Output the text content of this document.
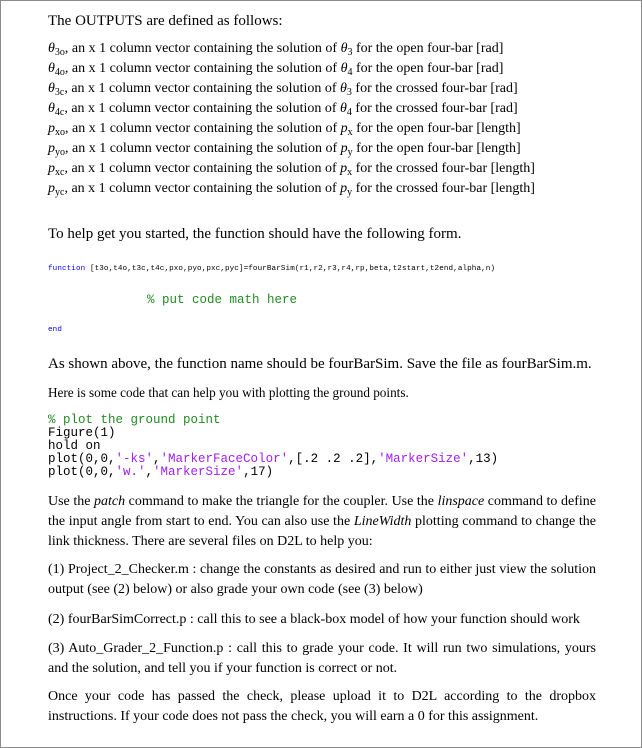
The OUTPUTS are defined as follows:
$\theta_{3o}$, an x 1 column vector containing the solution of $\theta_3$ for the open four-bar [rad]
$\theta_{4o}$, an x 1 column vector containing the solution of $\theta_4$ for the open four-bar [rad]
$\theta_{3c}$, an x 1 column vector containing the solution of $\theta_3$ for the crossed four-bar [rad]
$\theta_{4c}$, an x 1 column vector containing the solution of $\theta_4$ for the crossed four-bar [rad]
$p_{xo}$, an x 1 column vector containing the solution of $p_x$ for the open four-bar [length]
$p_{yo}$, an x 1 column vector containing the solution of $p_y$ for the open four-bar [length]
$p_{xc}$, an x 1 column vector containing the solution of $p_x$ for the crossed four-bar [length]
$p_{yc}$, an x 1 column vector containing the solution of $p_y$ for the crossed four-bar [length]
To help get you started, the function should have the following form.
function [t3o,t4o,t3c,t4c,pxo,pyo,pxc,pyc]=fourBarSim(r1,r2,r3,r4,rp,beta,t2start,t2end,alpha,n)
% put code math here
end
As shown above, the function name should be fourBarSim. Save the file as fourBarSim.m.
Here is some code that can help you with plotting the ground points.
% plot the ground point
Figure(1)
hold on
plot(0,0,'-ks','MarkerFaceColor',[.2 .2 .2],'MarkerSize',13)
plot(0,0,'w.','MarkerSize',17)
Use the patch command to make the triangle for the coupler. Use the linspace command to define the input angle from start to end. You can also use the LineWidth plotting command to change the link thickness. There are several files on D2L to help you:
(1) Project_2_Checker.m : change the constants as desired and run to either just view the solution output (see (2) below) or also grade your own code (see (3) below)
(2) fourBarSimCorrect.p : call this to see a black-box model of how your function should work
(3) Auto_Grader_2_Function.p : call this to grade your code. It will run two simulations, yours and the solution, and tell you if your function is correct or not.
Once your code has passed the check, please upload it to D2L according to the dropbox instructions. If your code does not pass the check, you will earn a 0 for this assignment.
